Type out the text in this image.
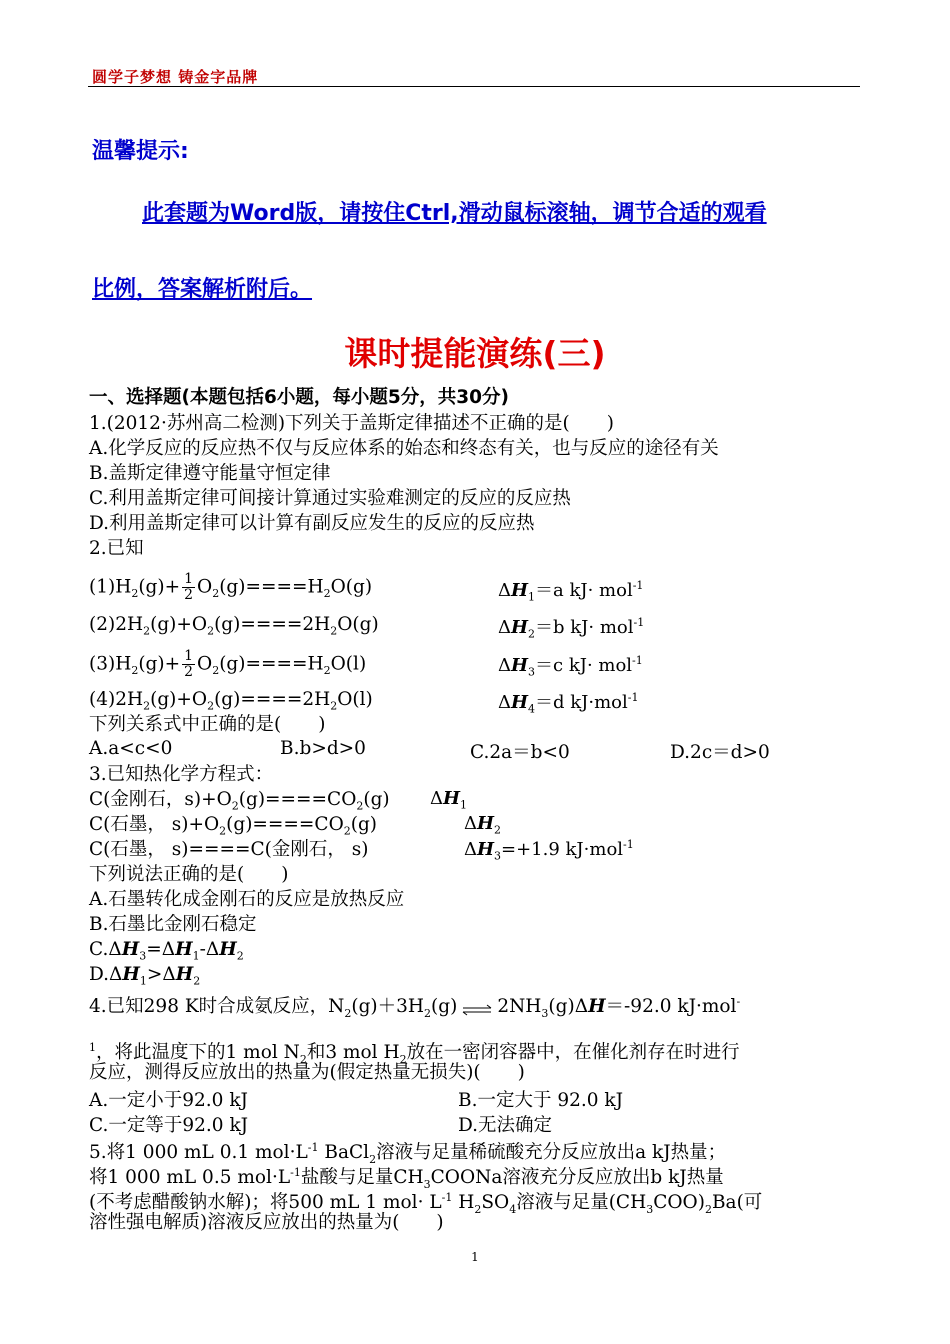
圆学子梦想 铸金字品牌
温馨提示:
此套题为Word版，请按住Ctrl,滑动鼠标滚轴，调节合适的观看
比例，答案解析附后。
课时提能演练(三)
一、选择题(本题包括6小题，每小题5分，共30分)
1.(2012·苏州高二检测)下列关于盖斯定律描述不正确的是(　　)
A.化学反应的反应热不仅与反应体系的始态和终态有关，也与反应的途径有关
B.盖斯定律遵守能量守恒定律
C.利用盖斯定律可间接计算通过实验难测定的反应的反应热
D.利用盖斯定律可以计算有副反应发生的反应的反应热
2.已知
$(1)H_2(g)+ \frac{1}{2} O_2(g)====H_2O(g)$	$\Delta H_1=a$ kJ· mol$^{-1}$
$(2)2H_2(g)+O_2(g)====2H_2O(g)$	$\Delta H_2=b$ kJ· mol$^{-1}$
$(3)H_2(g)+ \frac{1}{2} O_2(g)====H_2O(l)$	$\Delta H_3=c$ kJ· mol$^{-1}$
$(4)2H_2(g)+O_2(g)====2H_2O(l)$	$\Delta H_4=d$ kJ·mol$^{-1}$
下列关系式中正确的是(　　)
A.a<c<0	B.b>d>0	C.2a＝b<0	D.2c＝d>0
3.已知热化学方程式：
C(金刚石，$s)+O_2(g)====CO_2(g)$ $\Delta H_1$
C(石墨， $s)+O_2(g)====CO_2(g)$	$\Delta H_2$
C(石墨， s)====C(金刚石， s)	$\Delta H_3=+1.9$ kJ·mol$^{-1}$
下列说法正确的是(　　)
A.石墨转化成金刚石的反应是放热反应
B.石墨比金刚石稳定
$C.\Delta H_3=\Delta H_1-\Delta H_2$
$D.\Delta H_1>\Delta H_2$
4.已知298 K时合成氨反应，$N_2(g)+3H_2(g)\rightleftharpoons 2NH_3(g)\Delta H=-92.0$ kJ·mol-
$^1$，将此温度下的1 mol $N_2$和3 mol $H_2$放在一密闭容器中，在催化剂存在时进行
反应，测得反应放出的热量为(假定热量无损失)(　　)
A.一定小于92.0 kJ	B.一定大于 92.0 kJ
C.一定等于92.0 kJ	D.无法确定
5.将1 000 mL 0.1 $mol\cdot L^{-1}$ BaCl$_2$溶液与足量稀硫酸充分反应放出a kJ热量；
将1 000 mL 0.5 $mol\cdot L^{-1}$盐酸与足量$CH_3COONa$溶液充分反应放出b kJ热量
(不考虑醋酸钠水解)；将500 mL 1 $mol\cdot L^{-1}$ $H_2SO_4$溶液与足量$(CH_3COO)_2Ba$(可
溶性强电解质)溶液反应放出的热量为(　　)
1
